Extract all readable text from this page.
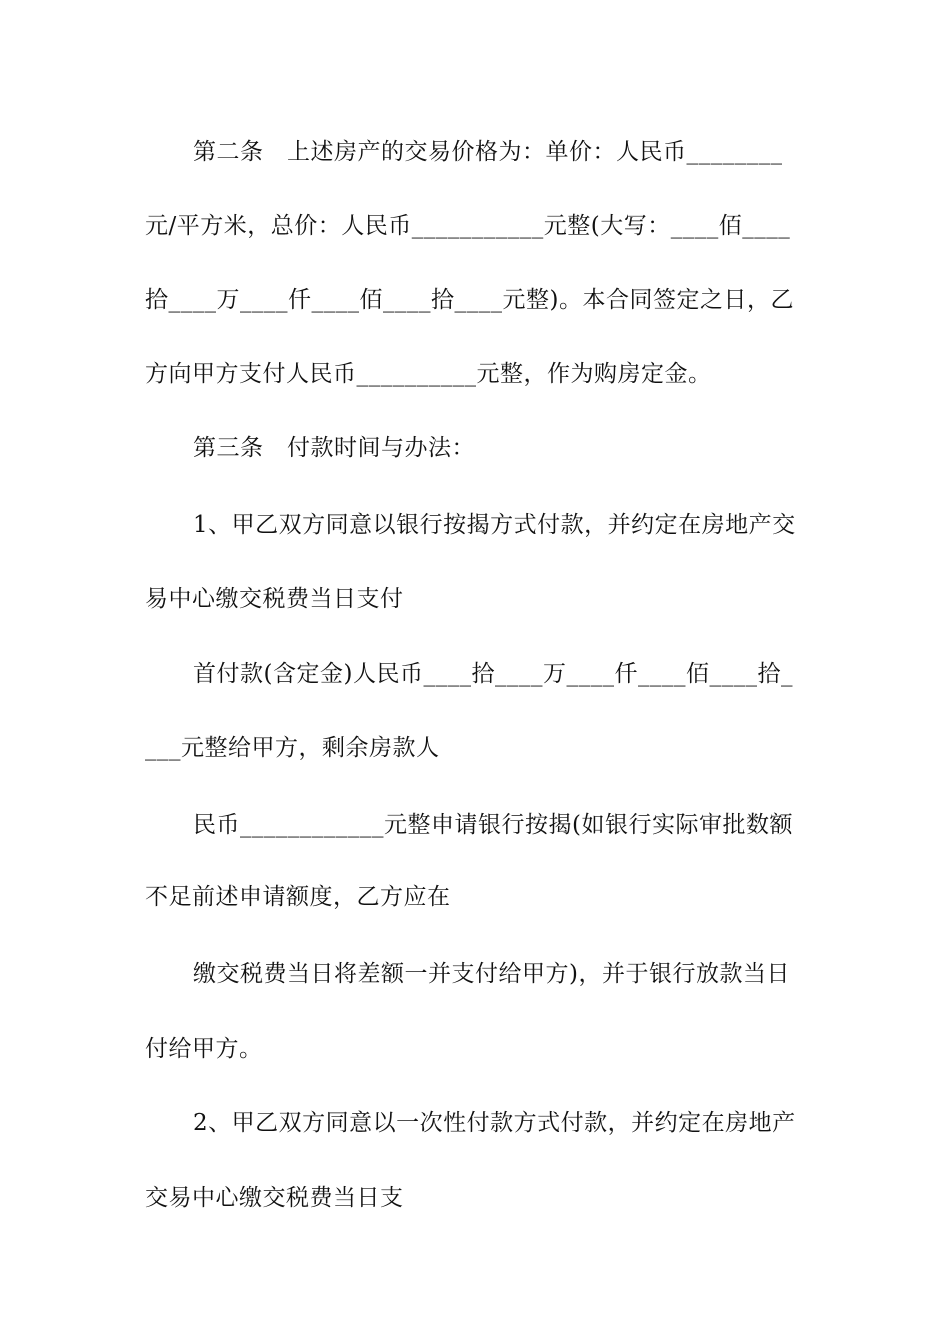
第二条　上述房产的交易价格为：单价：人民币________
元/平方米，总价：人民币___________元整(大写：____佰____
拾____万____仟____佰____拾____元整)。本合同签定之日，乙
方向甲方支付人民币__________元整，作为购房定金。
第三条　付款时间与办法：
1、甲乙双方同意以银行按揭方式付款，并约定在房地产交
易中心缴交税费当日支付
首付款(含定金)人民币____拾____万____仟____佰____拾_
___元整给甲方，剩余房款人
民币____________元整申请银行按揭(如银行实际审批数额
不足前述申请额度，乙方应在
缴交税费当日将差额一并支付给甲方)，并于银行放款当日
付给甲方。
2、甲乙双方同意以一次性付款方式付款，并约定在房地产
交易中心缴交税费当日支
